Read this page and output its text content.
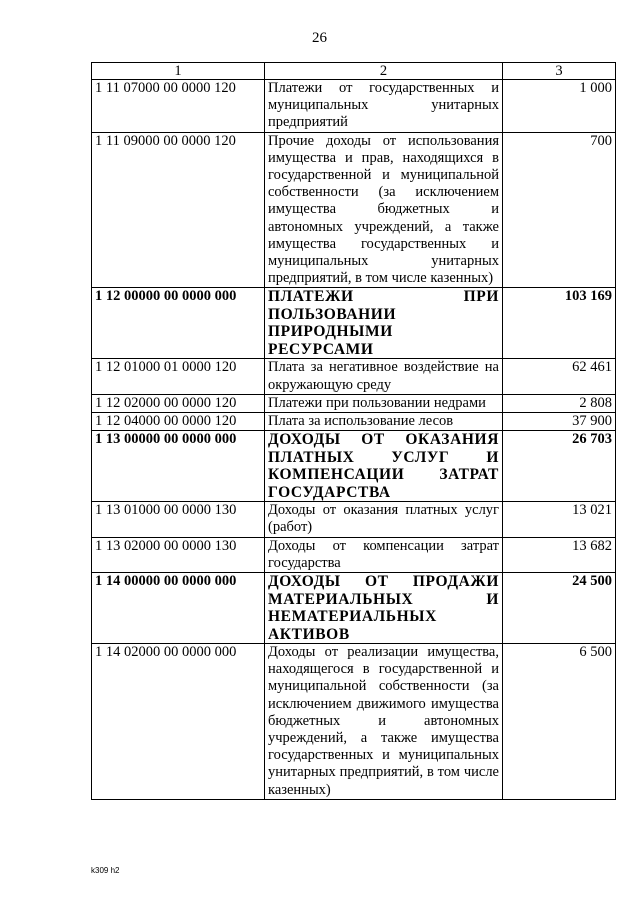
26
1	2	3
1 11 07000 00 0000 120	Платежи от государственных и муниципальных унитарных предприятий	1 000
1 11 09000 00 0000 120	Прочие доходы от использования имущества и прав, находящихся в государственной и муниципальной собственности (за исключением имущества бюджетных и автономных учреждений, а также имущества государственных и муниципальных унитарных предприятий, в том числе казенных)	700
1 12 00000 00 0000 000	ПЛАТЕЖИ ПРИ ПОЛЬЗОВАНИИ ПРИРОДНЫМИ РЕСУРСАМИ	103 169
1 12 01000 01 0000 120	Плата за негативное воздействие на окружающую среду	62 461
1 12 02000 00 0000 120	Платежи при пользовании недрами	2 808
1 12 04000 00 0000 120	Плата за использование лесов	37 900
1 13 00000 00 0000 000	ДОХОДЫ ОТ ОКАЗАНИЯ ПЛАТНЫХ УСЛУГ И КОМПЕНСАЦИИ ЗАТРАТ ГОСУДАРСТВА	26 703
1 13 01000 00 0000 130	Доходы от оказания платных услуг (работ)	13 021
1 13 02000 00 0000 130	Доходы от компенсации затрат государства	13 682
1 14 00000 00 0000 000	ДОХОДЫ ОТ ПРОДАЖИ МАТЕРИАЛЬНЫХ И НЕМАТЕРИАЛЬНЫХ АКТИВОВ	24 500
1 14 02000 00 0000 000	Доходы от реализации имущества, находящегося в государственной и муниципальной собственности (за исключением движимого имущества бюджетных и автономных учреждений, а также имущества государственных и муниципальных унитарных предприятий, в том числе казенных)	6 500
k309 h2
